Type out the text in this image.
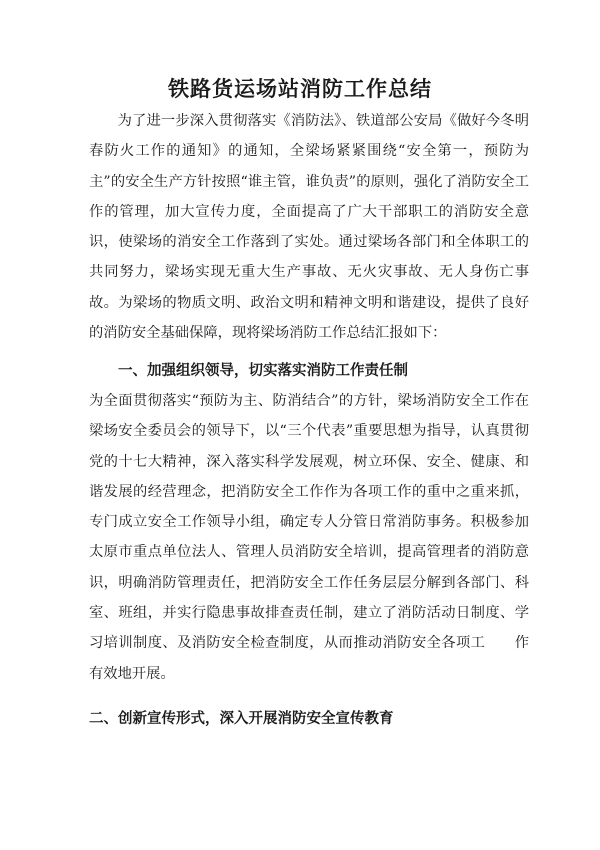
铁路货运场站消防工作总结

为了进一步深入贯彻落实《消防法》、铁道部公安局《做好今冬明春防火工作的通知》的通知，全梁场紧紧围绕“安全第一，预防为主”的安全生产方针按照“谁主管，谁负责”的原则，强化了消防安全工作的管理，加大宣传力度，全面提高了广大干部职工的消防安全意识，使梁场的消安全工作落到了实处。通过梁场各部门和全体职工的共同努力，梁场实现无重大生产事故、无火灾事故、无人身伤亡事故。为梁场的物质文明、政治文明和精神文明和谐建设，提供了良好的消防安全基础保障，现将梁场消防工作总结汇报如下：

一、加强组织领导，切实落实消防工作责任制

为全面贯彻落实“预防为主、防消结合”的方针，梁场消防安全工作在梁场安全委员会的领导下，以“三个代表”重要思想为指导，认真贯彻党的十七大精神，深入落实科学发展观，树立环保、安全、健康、和谐发展的经营理念，把消防安全工作作为各项工作的重中之重来抓，专门成立安全工作领导小组，确定专人分管日常消防事务。积极参加太原市重点单位法人、管理人员消防安全培训，提高管理者的消防意识，明确消防管理责任，把消防安全工作任务层层分解到各部门、科室、班组，并实行隐患事故排查责任制，建立了消防活动日制度、学习培训制度、及消防安全检查制度，从而推动消防安全各项工　　作有效地开展。

二、创新宣传形式，深入开展消防安全宣传教育
